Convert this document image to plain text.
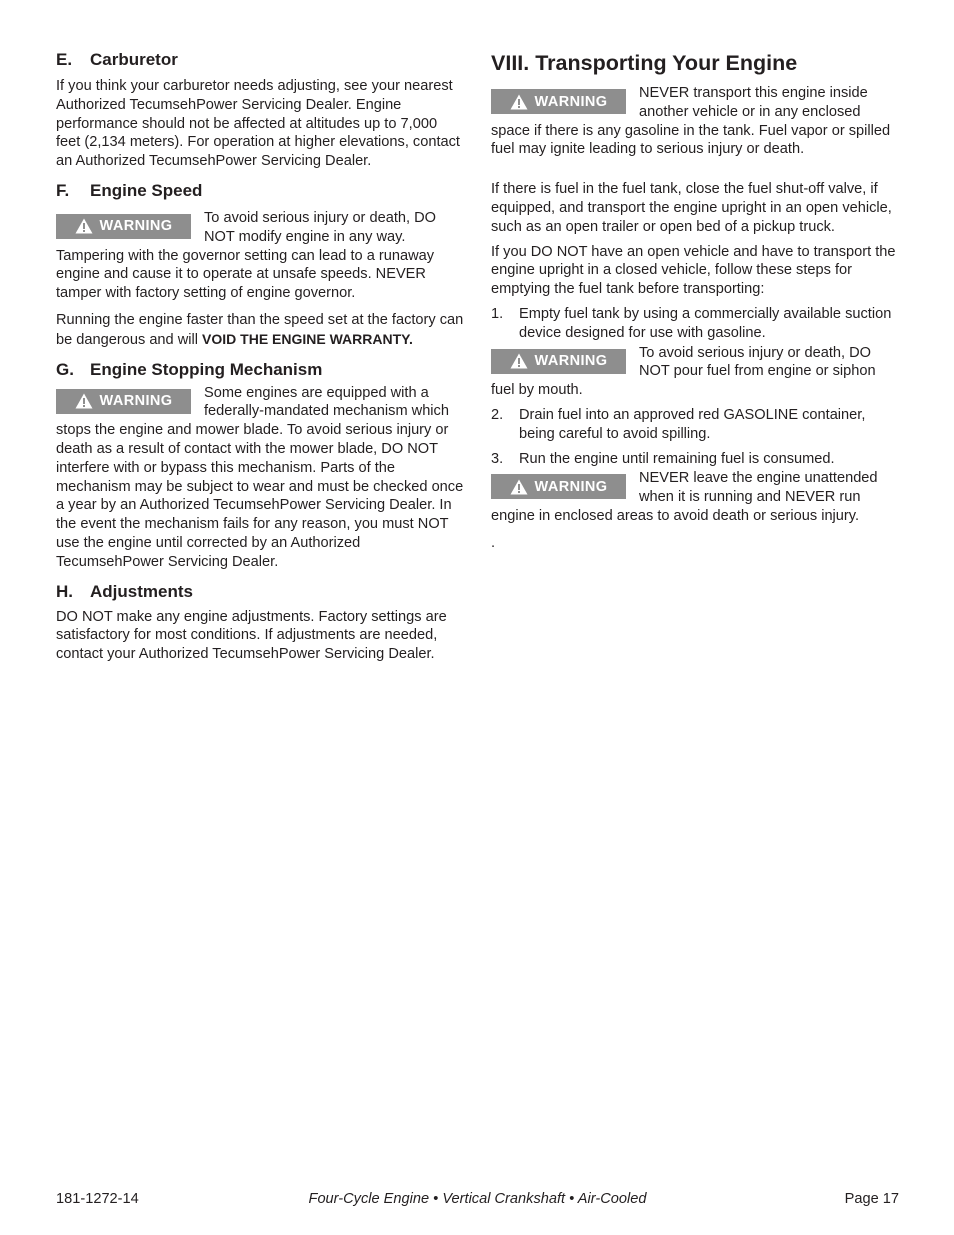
E. Carburetor

If you think your carburetor needs adjusting, see your nearest Authorized TecumsehPower Servicing Dealer. Engine performance should not be affected at altitudes up to 7,000 feet (2,134 meters). For operation at higher elevations, contact an Authorized TecumsehPower Servicing Dealer.

F. Engine Speed
WARNING

To avoid serious injury or death, DO NOT modify engine in any way. Tampering with the governor setting can lead to a runaway engine and cause it to operate at unsafe speeds. NEVER tamper with factory setting of engine governor.

Running the engine faster than the speed set at the factory can be dangerous and will VOID THE ENGINE WARRANTY.

G. Engine Stopping Mechanism
WARNING

Some engines are equipped with a federally-mandated mechanism which stops the engine and mower blade. To avoid serious injury or death as a result of contact with the mower blade, DO NOT interfere with or bypass this mechanism. Parts of the mechanism may be subject to wear and must be checked once a year by an Authorized TecumsehPower Servicing Dealer. In the event the mechanism fails for any reason, you must NOT use the engine until corrected by an Authorized TecumsehPower Servicing Dealer.

H. Adjustments

DO NOT make any engine adjustments. Factory settings are satisfactory for most conditions. If adjustments are needed, contact your Authorized TecumsehPower Servicing Dealer.

VIII. Transporting Your Engine
WARNING

NEVER transport this engine inside another vehicle or in any enclosed space if there is any gasoline in the tank. Fuel vapor or spilled fuel may ignite leading to serious injury or death.

If there is fuel in the fuel tank, close the fuel shut-off valve, if equipped, and transport the engine upright in an open vehicle, such as an open trailer or open bed of a pickup truck.

If you DO NOT have an open vehicle and have to transport the engine upright in a closed vehicle, follow these steps for emptying the fuel tank before transporting:

1. Empty fuel tank by using a commercially available suction device designed for use with gasoline.
WARNING

To avoid serious injury or death, DO NOT pour fuel from engine or siphon fuel by mouth.

2. Drain fuel into an approved red GASOLINE container, being careful to avoid spilling.
3. Run the engine until remaining fuel is consumed.
WARNING

NEVER leave the engine unattended when it is running and NEVER run engine in enclosed areas to avoid death or serious injury.

.

181-1272-14	Four-Cycle Engine • Vertical Crankshaft • Air-Cooled	Page 17
